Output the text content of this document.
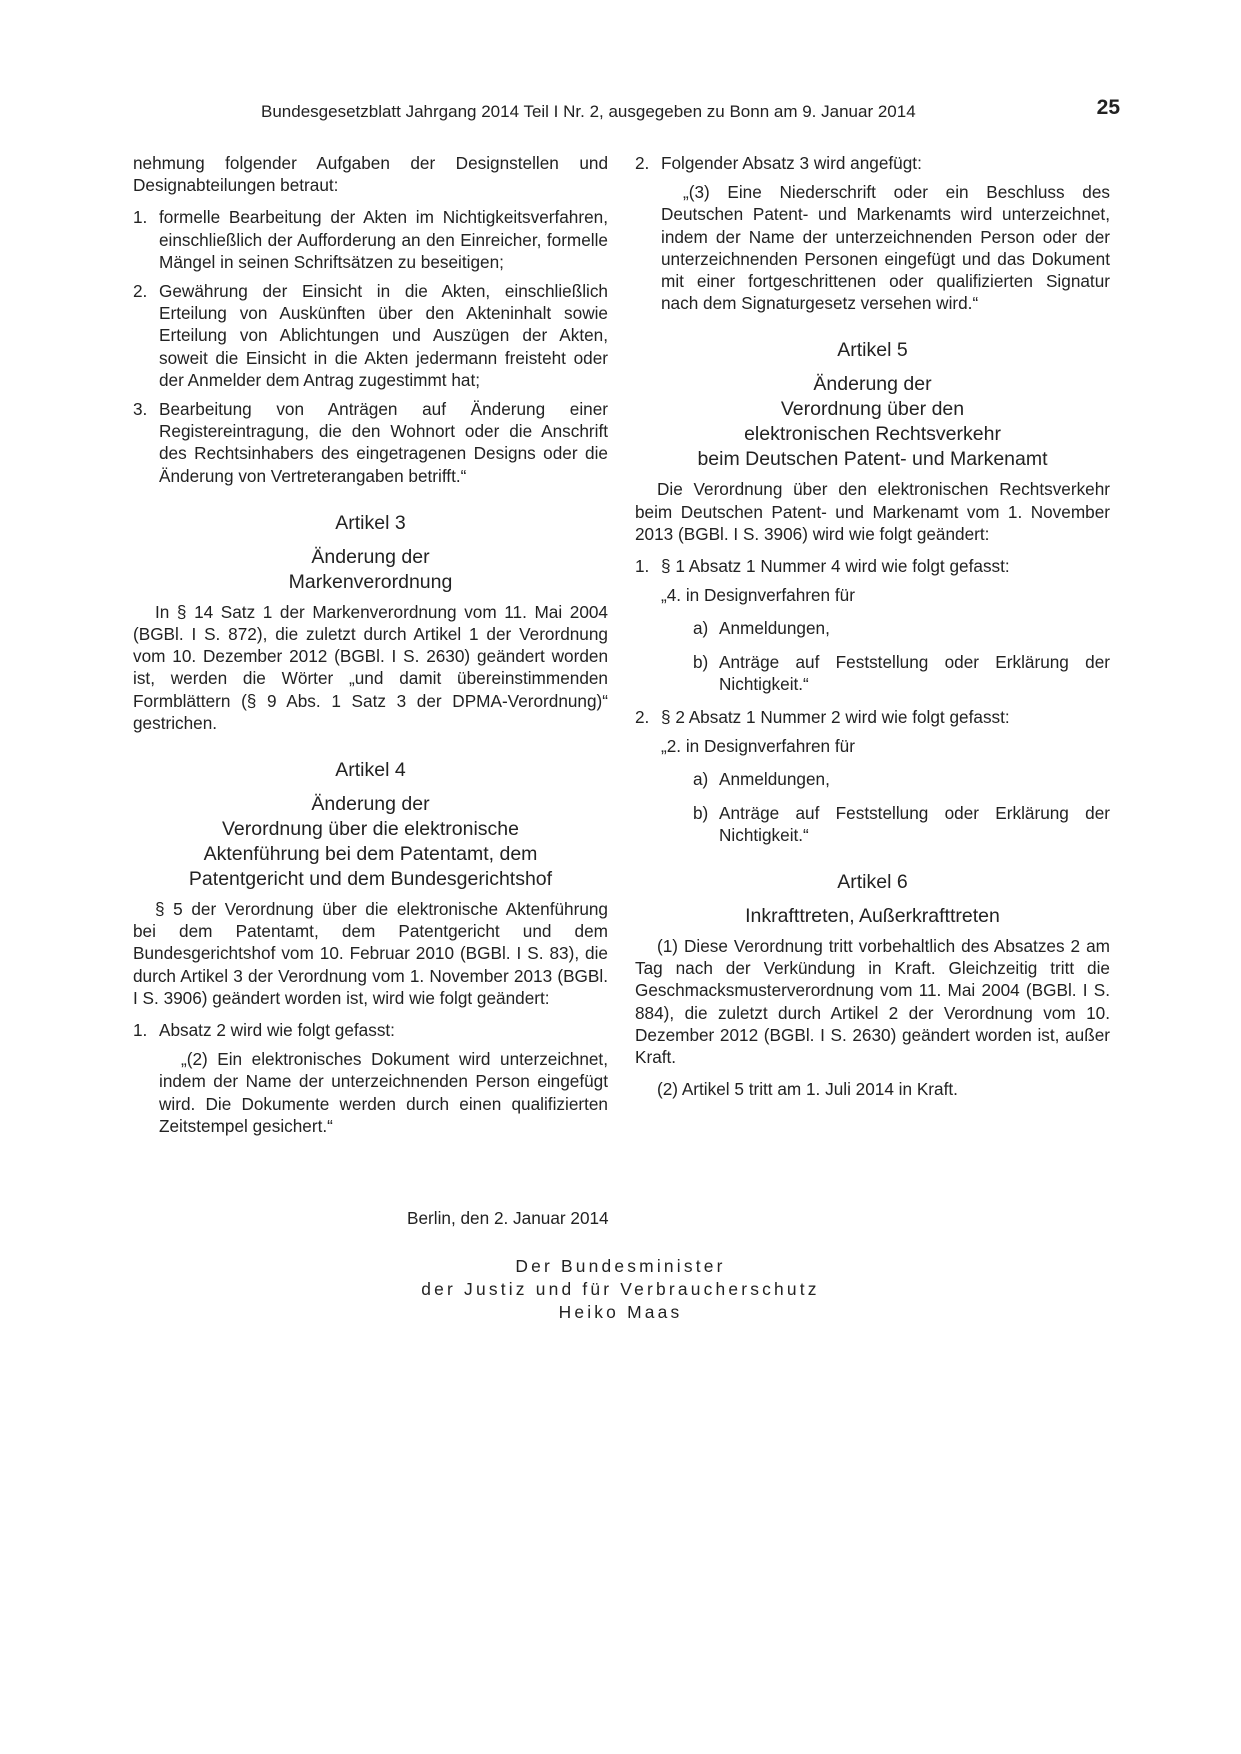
Bundesgesetzblatt Jahrgang 2014 Teil I Nr. 2, ausgegeben zu Bonn am 9. Januar 2014	25

nehmung folgender Aufgaben der Designstellen und Designabteilungen betraut:

1. formelle Bearbeitung der Akten im Nichtigkeitsverfahren, einschließlich der Aufforderung an den Einreicher, formelle Mängel in seinen Schriftsätzen zu beseitigen;
2. Gewährung der Einsicht in die Akten, einschließlich Erteilung von Auskünften über den Akteninhalt sowie Erteilung von Ablichtungen und Auszügen der Akten, soweit die Einsicht in die Akten jedermann freisteht oder der Anmelder dem Antrag zugestimmt hat;
3. Bearbeitung von Anträgen auf Änderung einer Registereintragung, die den Wohnort oder die Anschrift des Rechtsinhabers des eingetragenen Designs oder die Änderung von Vertreterangaben betrifft.“
Artikel 3
Änderung der
Markenverordnung

In § 14 Satz 1 der Markenverordnung vom 11. Mai 2004 (BGBl. I S. 872), die zuletzt durch Artikel 1 der Verordnung vom 10. Dezember 2012 (BGBl. I S. 2630) geändert worden ist, werden die Wörter „und damit übereinstimmenden Formblättern (§ 9 Abs. 1 Satz 3 der DPMA-Verordnung)“ gestrichen.

Artikel 4
Änderung der
Verordnung über die elektronische
Aktenführung bei dem Patentamt, dem
Patentgericht und dem Bundesgerichtshof

§ 5 der Verordnung über die elektronische Aktenführung bei dem Patentamt, dem Patentgericht und dem Bundesgerichtshof vom 10. Februar 2010 (BGBl. I S. 83), die durch Artikel 3 der Verordnung vom 1. November 2013 (BGBl. I S. 3906) geändert worden ist, wird wie folgt geändert:

1. Absatz 2 wird wie folgt gefasst:

„(2) Ein elektronisches Dokument wird unterzeichnet, indem der Name der unterzeichnenden Person eingefügt wird. Die Dokumente werden durch einen qualifizierten Zeitstempel gesichert.“

2. Folgender Absatz 3 wird angefügt:

„(3) Eine Niederschrift oder ein Beschluss des Deutschen Patent- und Markenamts wird unterzeichnet, indem der Name der unterzeichnenden Person oder der unterzeichnenden Personen eingefügt und das Dokument mit einer fortgeschrittenen oder qualifizierten Signatur nach dem Signaturgesetz versehen wird.“

Artikel 5
Änderung der
Verordnung über den
elektronischen Rechtsverkehr
beim Deutschen Patent- und Markenamt

Die Verordnung über den elektronischen Rechtsverkehr beim Deutschen Patent- und Markenamt vom 1. November 2013 (BGBl. I S. 3906) wird wie folgt geändert:

1. § 1 Absatz 1 Nummer 4 wird wie folgt gefasst:
„4. in Designverfahren für
a) Anmeldungen,
b) Anträge auf Feststellung oder Erklärung der Nichtigkeit.“
2. § 2 Absatz 1 Nummer 2 wird wie folgt gefasst:
„2. in Designverfahren für
a) Anmeldungen,
b) Anträge auf Feststellung oder Erklärung der Nichtigkeit.“
Artikel 6
Inkrafttreten, Außerkrafttreten

(1) Diese Verordnung tritt vorbehaltlich des Absatzes 2 am Tag nach der Verkündung in Kraft. Gleichzeitig tritt die Geschmacksmusterverordnung vom 11. Mai 2004 (BGBl. I S. 884), die zuletzt durch Artikel 2 der Verordnung vom 10. Dezember 2012 (BGBl. I S. 2630) geändert worden ist, außer Kraft.

(2) Artikel 5 tritt am 1. Juli 2014 in Kraft.

Berlin, den 2. Januar 2014
Der Bundesminister
der Justiz und für Verbraucherschutz
Heiko Maas
